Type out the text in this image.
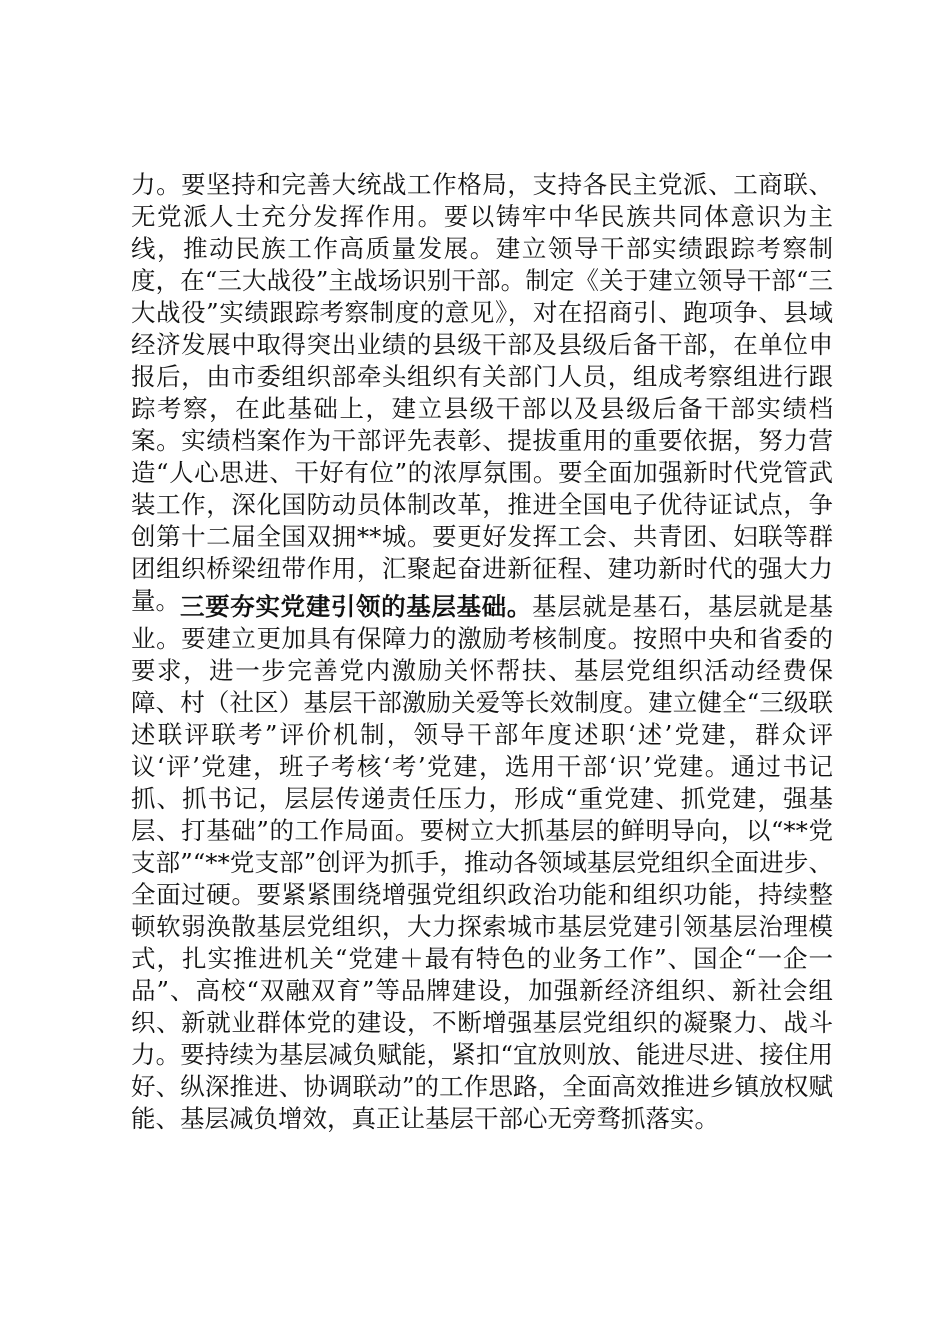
力。要坚持和完善大统战工作格局，支持各民主党派、工商联、无党派人士充分发挥作用。要以铸牢中华民族共同体意识为主线，推动民族工作高质量发展。建立领导干部实绩跟踪考察制度，在“三大战役”主战场识别干部。制定《关于建立领导干部“三大战役”实绩跟踪考察制度的意见》，对在招商引、跑项争、县域经济发展中取得突出业绩的县级干部及县级后备干部，在单位申报后，由市委组织部牵头组织有关部门人员，组成考察组进行跟踪考察，在此基础上，建立县级干部以及县级后备干部实绩档案。实绩档案作为干部评先表彰、提拔重用的重要依据，努力营造“人心思进、干好有位”的浓厚氛围。要全面加强新时代党管武装工作，深化国防动员体制改革，推进全国电子优待证试点，争创第十二届全国双拥**城。要更好发挥工会、共青团、妇联等群团组织桥梁纽带作用，汇聚起奋进新征程、建功新时代的强大力量。 三要夯实党建引领的基层基础。基层就是基石，基层就是基业。要建立更加具有保障力的激励考核制度。按照中央和省委的要求，进一步完善党内激励关怀帮扶、基层党组织活动经费保障、村（社区）基层干部激励关爱等长效制度。建立健全“三级联述联评联考”评价机制，领导干部年度述职‘述’党建，群众评议‘评’党建，班子考核‘考’党建，选用干部‘识’党建。通过书记抓、抓书记，层层传递责任压力，形成“重党建、抓党建，强基层、打基础”的工作局面。要树立大抓基层的鲜明导向，以“**党支部”“**党支部”创评为抓手，推动各领域基层党组织全面进步、全面过硬。要紧紧围绕增强党组织政治功能和组织功能，持续整顿软弱涣散基层党组织，大力探索城市基层党建引领基层治理模式，扎实推进机关“党建＋最有特色的业务工作”、国企“一企一品”、高校“双融双育”等品牌建设，加强新经济组织、新社会组织、新就业群体党的建设，不断增强基层党组织的凝聚力、战斗力。要持续为基层减负赋能，紧扣“宜放则放、能进尽进、接住用好、纵深推进、协调联动”的工作思路，全面高效推进乡镇放权赋能、基层减负增效，真正让基层干部心无旁骛抓落实。
